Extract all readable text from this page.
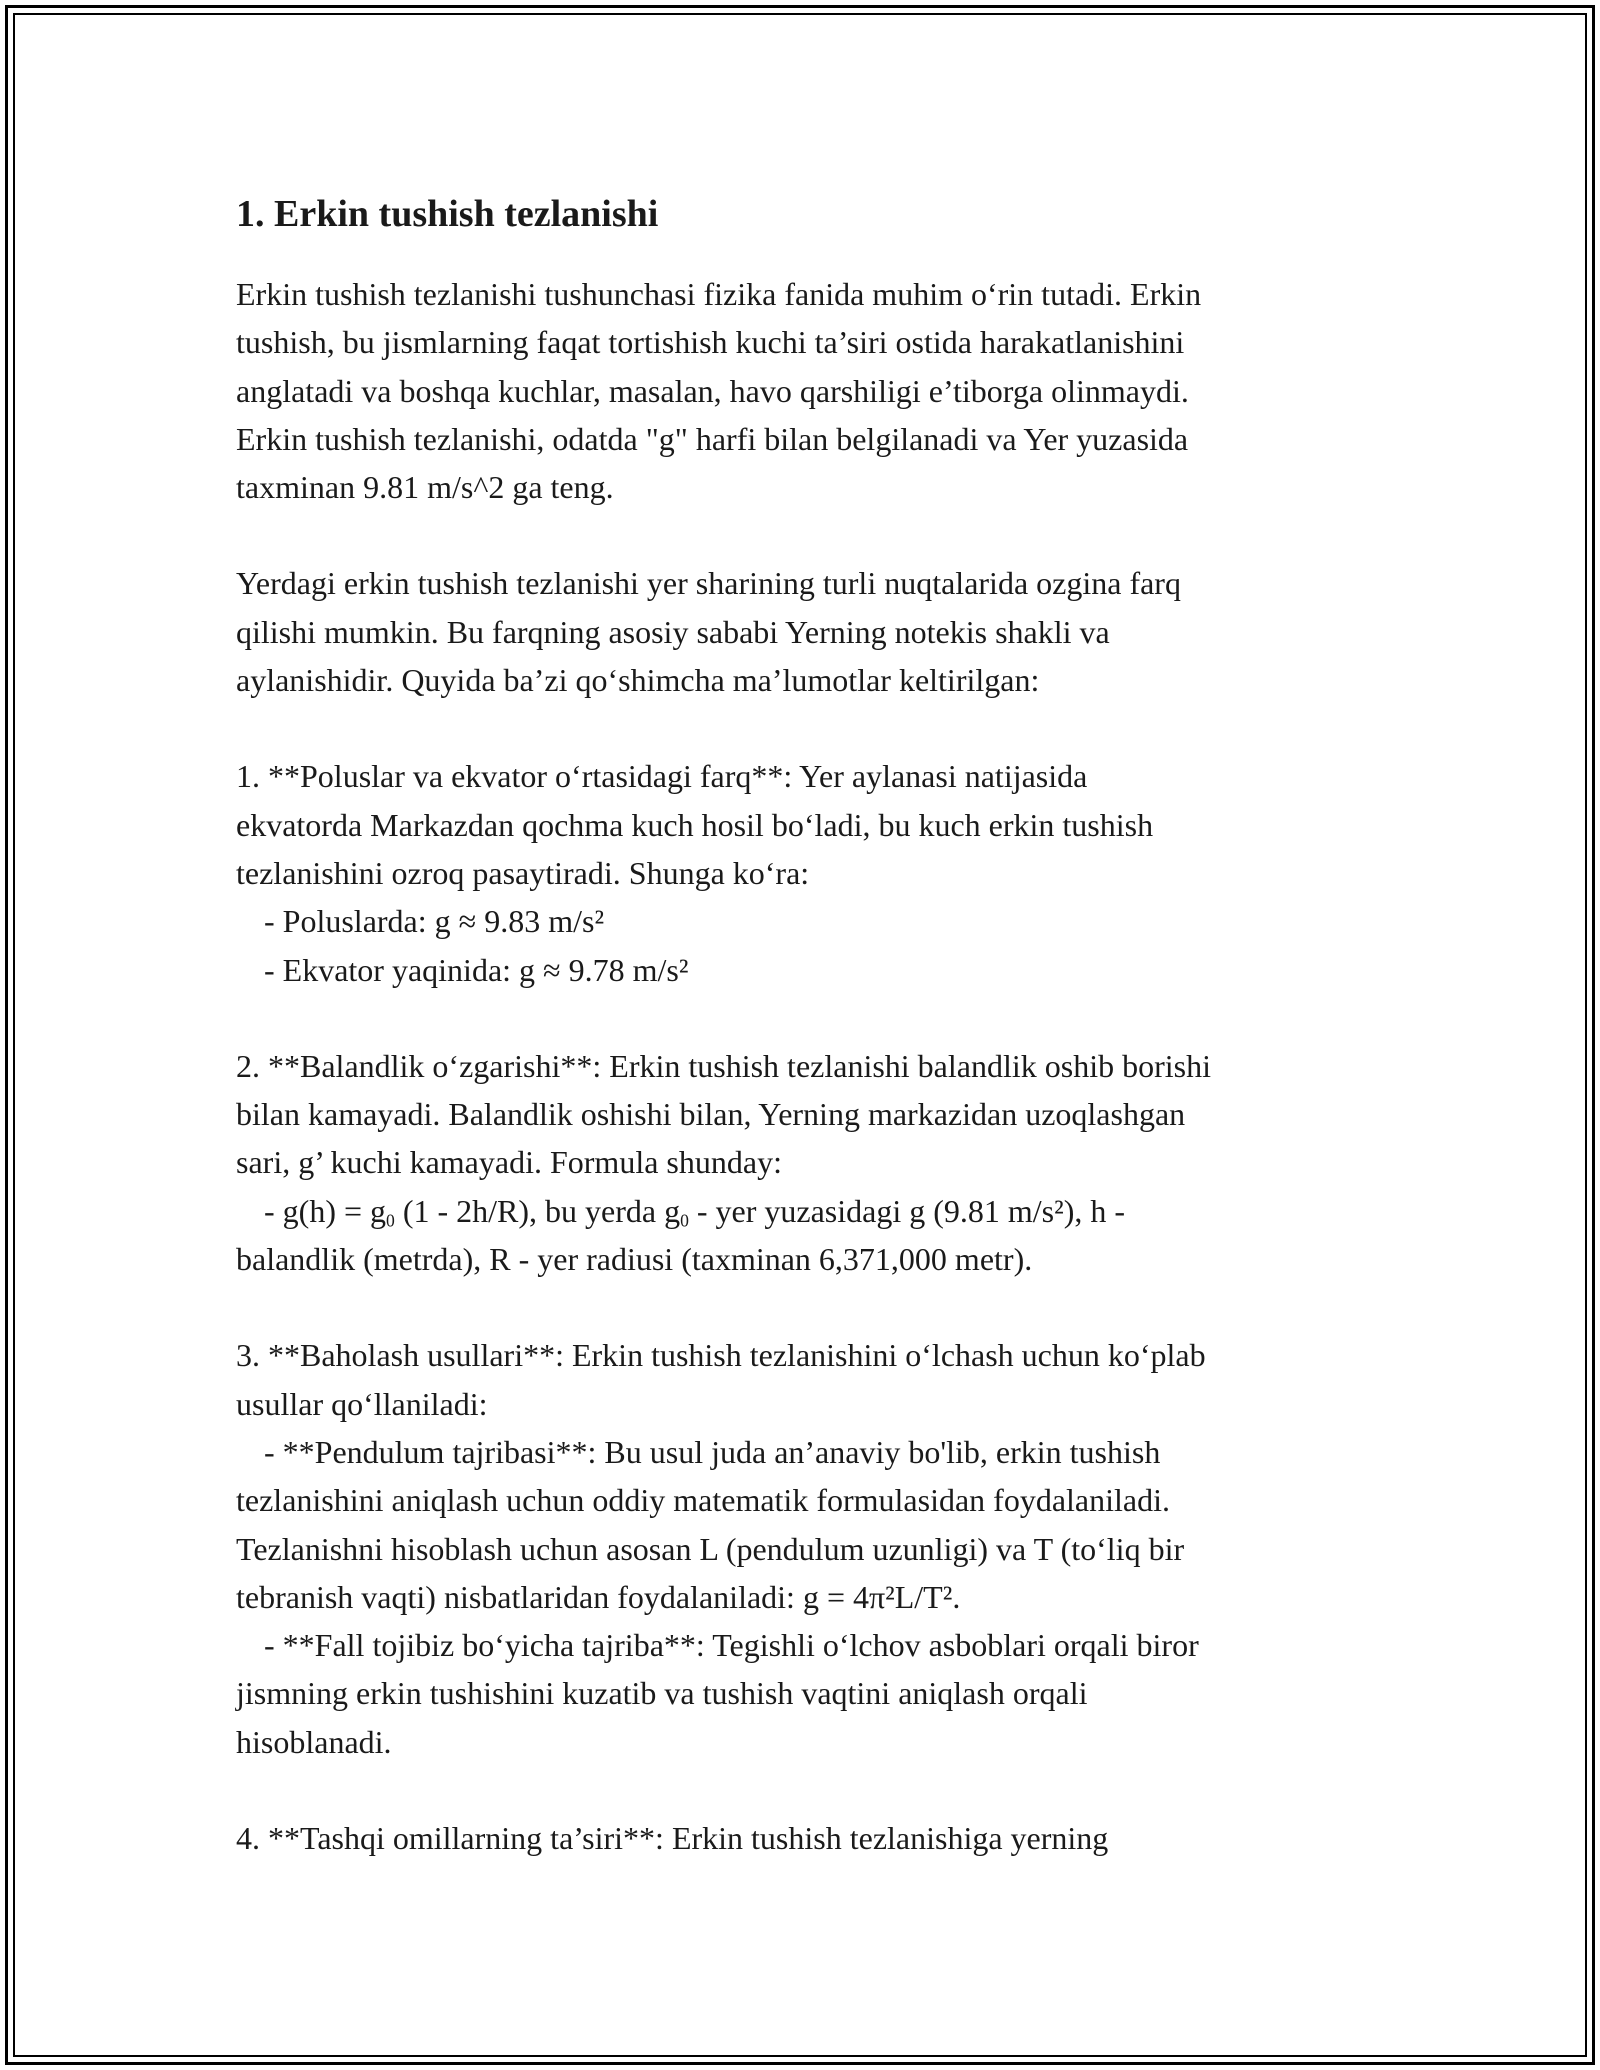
1. Erkin tushish tezlanishi

Erkin tushish tezlanishi tushunchasi fizika fanida muhim o‘rin tutadi. Erkin
tushish, bu jismlarning faqat tortishish kuchi ta’siri ostida harakatlanishini
anglatadi va boshqa kuchlar, masalan, havo qarshiligi e’tiborga olinmaydi.
Erkin tushish tezlanishi, odatda "g" harfi bilan belgilanadi va Yer yuzasida
taxminan 9.81 m/s^2 ga teng.

Yerdagi erkin tushish tezlanishi yer sharining turli nuqtalarida ozgina farq
qilishi mumkin. Bu farqning asosiy sababi Yerning notekis shakli va
aylanishidir. Quyida ba’zi qo‘shimcha ma’lumotlar keltirilgan:

1. **Poluslar va ekvator o‘rtasidagi farq**: Yer aylanasi natijasida
ekvatorda Markazdan qochma kuch hosil bo‘ladi, bu kuch erkin tushish
tezlanishini ozroq pasaytiradi. Shunga ko‘ra:
- Poluslarda: g ≈ 9.83 m/s²
- Ekvator yaqinida: g ≈ 9.78 m/s²

2. **Balandlik o‘zgarishi**: Erkin tushish tezlanishi balandlik oshib borishi
bilan kamayadi. Balandlik oshishi bilan, Yerning markazidan uzoqlashgan
sari, g’ kuchi kamayadi. Formula shunday:
- $g(h) = g_0$ (1 - 2h/R), bu yerda $g_0$ - yer yuzasidagi g (9.81 m/s²), h -
balandlik (metrda), R - yer radiusi (taxminan 6,371,000 metr).

3. **Baholash usullari**: Erkin tushish tezlanishini o‘lchash uchun ko‘plab
usullar qo‘llaniladi:
- **Pendulum tajribasi**: Bu usul juda an’anaviy bo'lib, erkin tushish
tezlanishini aniqlash uchun oddiy matematik formulasidan foydalaniladi.
Tezlanishni hisoblash uchun asosan L (pendulum uzunligi) va T (to‘liq bir
tebranish vaqti) nisbatlaridan foydalaniladi: g = 4π²L/T².
- **Fall tojibiz bo‘yicha tajriba**: Tegishli o‘lchov asboblari orqali biror
jismning erkin tushishini kuzatib va tushish vaqtini aniqlash orqali
hisoblanadi.

4. **Tashqi omillarning ta’siri**: Erkin tushish tezlanishiga yerning
